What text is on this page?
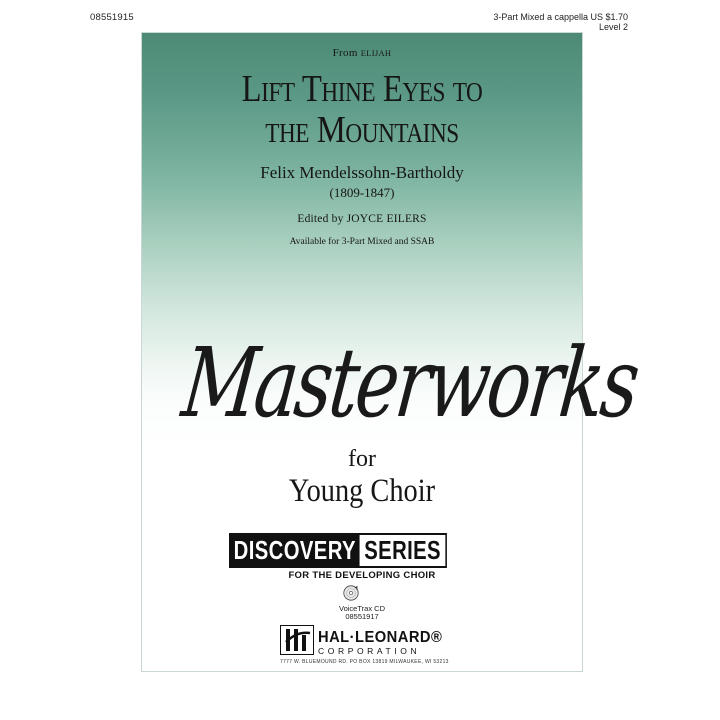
08551915	3-Part Mixed a cappella US $1.70
Level 2
From ELIJAH
Lift Thine Eyes to
the Mountains
Felix Mendelssohn-Bartholdy
(1809-1847)
Edited by JOYCE EILERS
Available for 3-Part Mixed and SSAB
Masterworks
for
Young Choir
DISCOVERY SERIES
FOR THE DEVELOPING CHOIR
VoiceTrax CD
08551917
HAL·LEONARD®
CORPORATION
7777 W. BLUEMOUND RD. PO BOX 13819 MILWAUKEE, WI 53213
